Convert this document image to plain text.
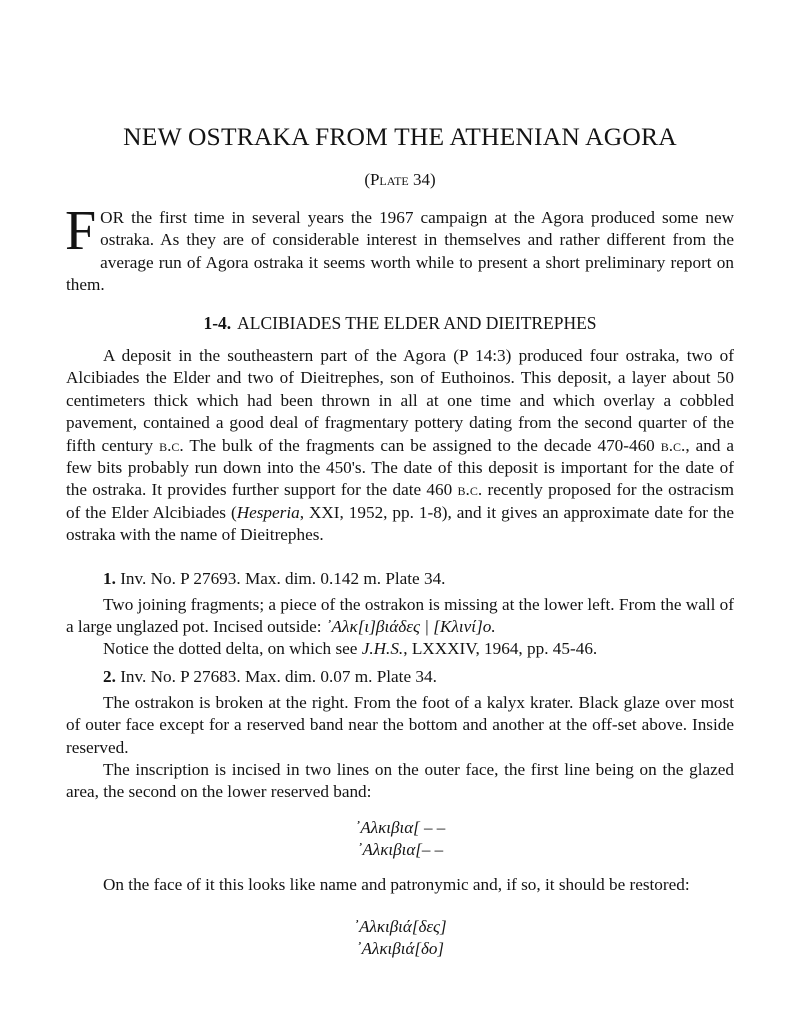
NEW OSTRAKA FROM THE ATHENIAN AGORA
(Plate 34)
FOR the first time in several years the 1967 campaign at the Agora produced some new ostraka. As they are of considerable interest in themselves and rather different from the average run of Agora ostraka it seems worth while to present a short preliminary report on them.
1-4. ALCIBIADES THE ELDER AND DIEITREPHES
A deposit in the southeastern part of the Agora (P 14:3) produced four ostraka, two of Alcibiades the Elder and two of Dieitrephes, son of Euthoinos. This deposit, a layer about 50 centimeters thick which had been thrown in all at one time and which overlay a cobbled pavement, contained a good deal of fragmentary pottery dating from the second quarter of the fifth century b.c. The bulk of the fragments can be assigned to the decade 470-460 b.c., and a few bits probably run down into the 450's. The date of this deposit is important for the date of the ostraka. It provides further support for the date 460 b.c. recently proposed for the ostracism of the Elder Alcibiades (Hesperia, XXI, 1952, pp. 1-8), and it gives an approximate date for the ostraka with the name of Dieitrephes.
1. Inv. No. P 27693. Max. dim. 0.142 m. Plate 34.
Two joining fragments; a piece of the ostrakon is missing at the lower left. From the wall of a large unglazed pot. Incised outside: ᾿Αλκ[ι]βιάδες | [Κλινί]ο.
Notice the dotted delta, on which see J.H.S., LXXXIV, 1964, pp. 45-46.
2. Inv. No. P 27683. Max. dim. 0.07 m. Plate 34.
The ostrakon is broken at the right. From the foot of a kalyx krater. Black glaze over most of outer face except for a reserved band near the bottom and another at the off-set above. Inside reserved.
The inscription is incised in two lines on the outer face, the first line being on the glazed area, the second on the lower reserved band:
᾿Αλκιβια[ – –
᾿Αλκιβια[– –
On the face of it this looks like name and patronymic and, if so, it should be restored:
᾿Αλκιβιά[δες]
᾿Αλκιβιά[δο]
